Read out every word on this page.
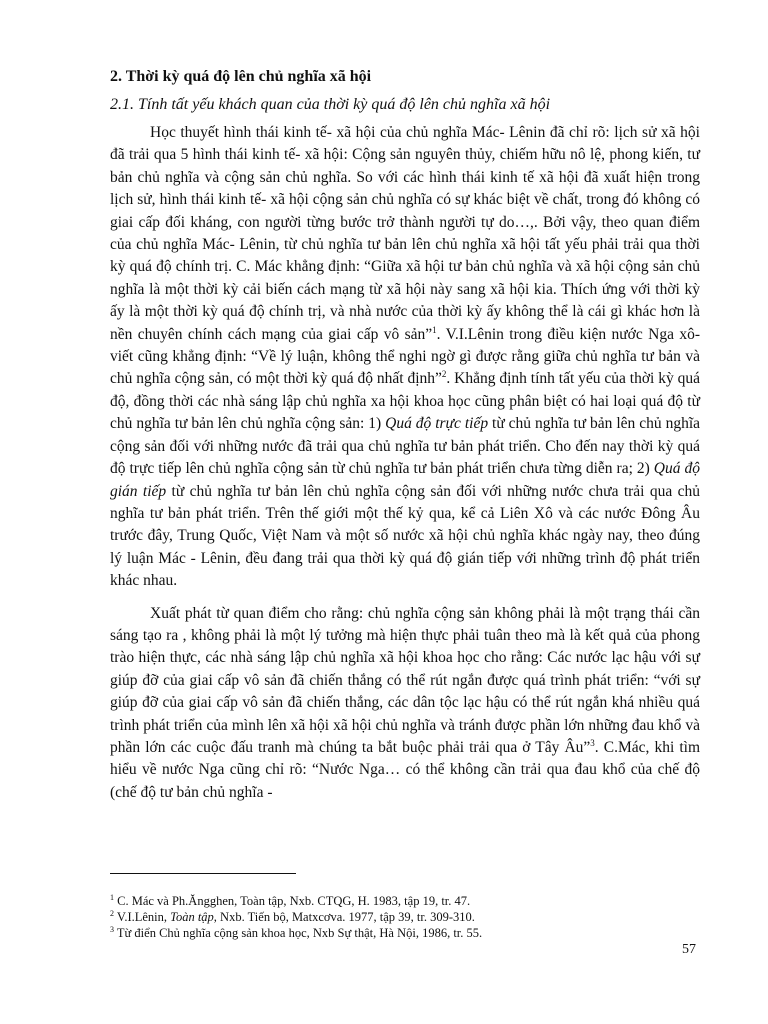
2. Thời kỳ quá độ lên chủ nghĩa xã hội

2.1. Tính tất yếu khách quan của thời kỳ quá độ lên chủ nghĩa xã hội

Học thuyết hình thái kinh tế- xã hội của chủ nghĩa Mác- Lênin đã chỉ rõ: lịch sử xã hội đã trải qua 5 hình thái kinh tế- xã hội: Cộng sản nguyên thủy, chiếm hữu nô lệ, phong kiến, tư bản chủ nghĩa và cộng sản chủ nghĩa. So với các hình thái kinh tế xã hội đã xuất hiện trong lịch sử, hình thái kinh tế- xã hội cộng sản chủ nghĩa có sự khác biệt về chất, trong đó không có giai cấp đối kháng, con người từng bước trở thành người tự do…,. Bởi vậy, theo quan điểm của chủ nghĩa Mác- Lênin, từ chủ nghĩa tư bản lên chủ nghĩa xã hội tất yếu phải trải qua thời kỳ quá độ chính trị. C. Mác khẳng định: “Giữa xã hội tư bản chủ nghĩa và xã hội cộng sản chủ nghĩa là một thời kỳ cải biến cách mạng từ xã hội này sang xã hội kia. Thích ứng với thời kỳ ấy là một thời kỳ quá độ chính trị, và nhà nước của thời kỳ ấy không thể là cái gì khác hơn là nền chuyên chính cách mạng của giai cấp vô sản”$^1$. V.I.Lênin trong điều kiện nước Nga xô- viết cũng khẳng định: “Về lý luận, không thể nghi ngờ gì được rằng giữa chủ nghĩa tư bản và chủ nghĩa cộng sản, có một thời kỳ quá độ nhất định”$^2$. Khẳng định tính tất yếu của thời kỳ quá độ, đồng thời các nhà sáng lập chủ nghĩa xa hội khoa học cũng phân biệt có hai loại quá độ từ chủ nghĩa tư bản lên chủ nghĩa cộng sản: 1) Quá độ trực tiếp từ chủ nghĩa tư bản lên chủ nghĩa cộng sản đối với những nước đã trải qua chủ nghĩa tư bản phát triển. Cho đến nay thời kỳ quá độ trực tiếp lên chủ nghĩa cộng sản từ chủ nghĩa tư bản phát triển chưa từng diễn ra; 2) Quá độ gián tiếp từ chủ nghĩa tư bản lên chủ nghĩa cộng sản đối với những nước chưa trải qua chủ nghĩa tư bản phát triển. Trên thế giới một thế kỷ qua, kể cả Liên Xô và các nước Đông Âu trước đây, Trung Quốc, Việt Nam và một số nước xã hội chủ nghĩa khác ngày nay, theo đúng lý luận Mác - Lênin, đều đang trải qua thời kỳ quá độ gián tiếp với những trình độ phát triển khác nhau.

Xuất phát từ quan điểm cho rằng: chủ nghĩa cộng sản không phải là một trạng thái cần sáng tạo ra , không phải là một lý tưởng mà hiện thực phải tuân theo mà là kết quả của phong trào hiện thực, các nhà sáng lập chủ nghĩa xã hội khoa học cho rằng: Các nước lạc hậu với sự giúp đỡ của giai cấp vô sản đã chiến thắng có thể rút ngắn được quá trình phát triển: “với sự giúp đỡ của giai cấp vô sản đã chiến thắng, các dân tộc lạc hậu có thể rút ngắn khá nhiều quá trình phát triển của mình lên xã hội xã hội chủ nghĩa và tránh được phần lớn những đau khổ và phần lớn các cuộc đấu tranh mà chúng ta bắt buộc phải trải qua ở Tây Âu”$^3$. C.Mác, khi tìm hiểu về nước Nga cũng chỉ rõ: “Nước Nga… có thể không cần trải qua đau khổ của chế độ (chế độ tư bản chủ nghĩa -

$^1$ C. Mác và Ph.Ăngghen, Toàn tập, Nxb. CTQG, H. 1983, tập 19, tr. 47.

$^2$ V.I.Lênin, Toàn tập, Nxb. Tiến bộ, Matxcơva. 1977, tập 39, tr. 309-310.

$^3$ Từ điển Chủ nghĩa cộng sản khoa học, Nxb Sự thật, Hà Nội, 1986, tr. 55.

57
